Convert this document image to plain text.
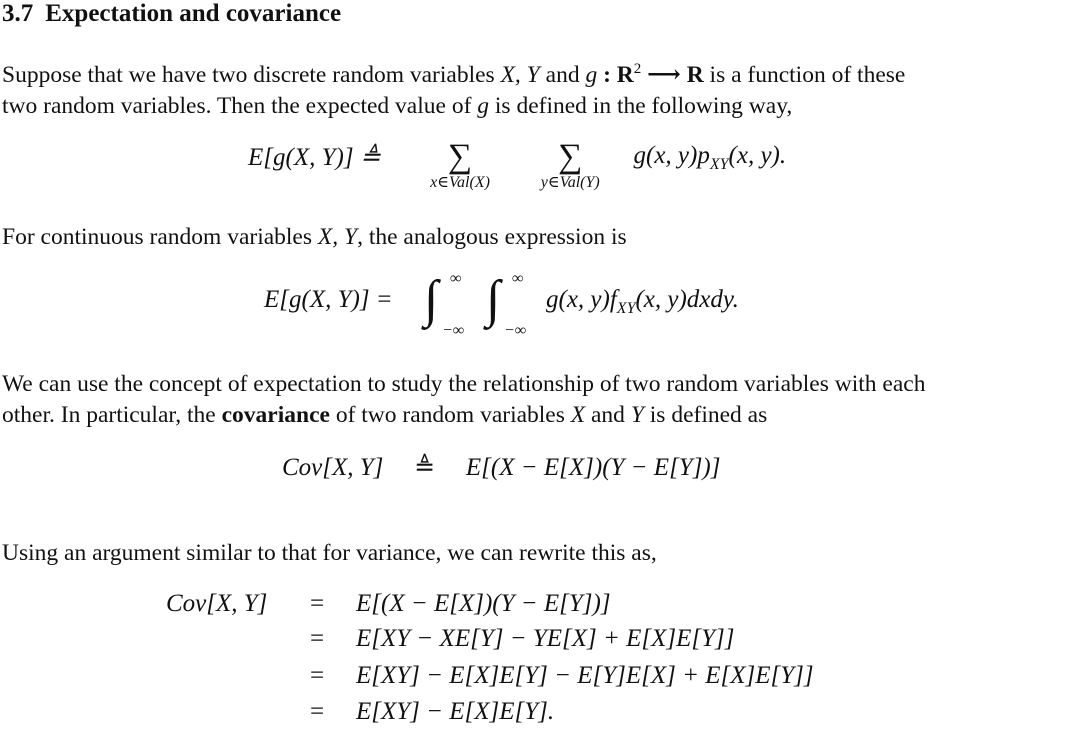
3.7 Expectation and covariance
Suppose that we have two discrete random variables X, Y and g : $R^2$ ⟶ R is a function of these
two random variables. Then the expected value of g is defined in the following way,
E[g(X, Y)] ≜	∑
x∈Val(X)

∑
y∈Val(Y)
g(x, $y)p_{XY}(x$, y).
For continuous random variables X, Y, the analogous expression is
E[g(X, Y)] = ∫ ∞
−∞
∫ ∞
−∞
g(x, $y)f_{XY}(x$, y)dxdy.
We can use the concept of expectation to study the relationship of two random variables with each
other. In particular, the covariance of two random variables X and Y is defined as
Cov[X, Y] ≜ E[(X − E[X])(Y − E[Y])]
Using an argument similar to that for variance, we can rewrite this as,
Cov[X, Y] = E[(X − E[X])(Y − E[Y])]
= E[XY − XE[Y] − YE[X] + E[X]E[Y]]
= E[XY] − E[X]E[Y] − E[Y]E[X] + E[X]E[Y]]
= E[XY] − E[X]E[Y].
